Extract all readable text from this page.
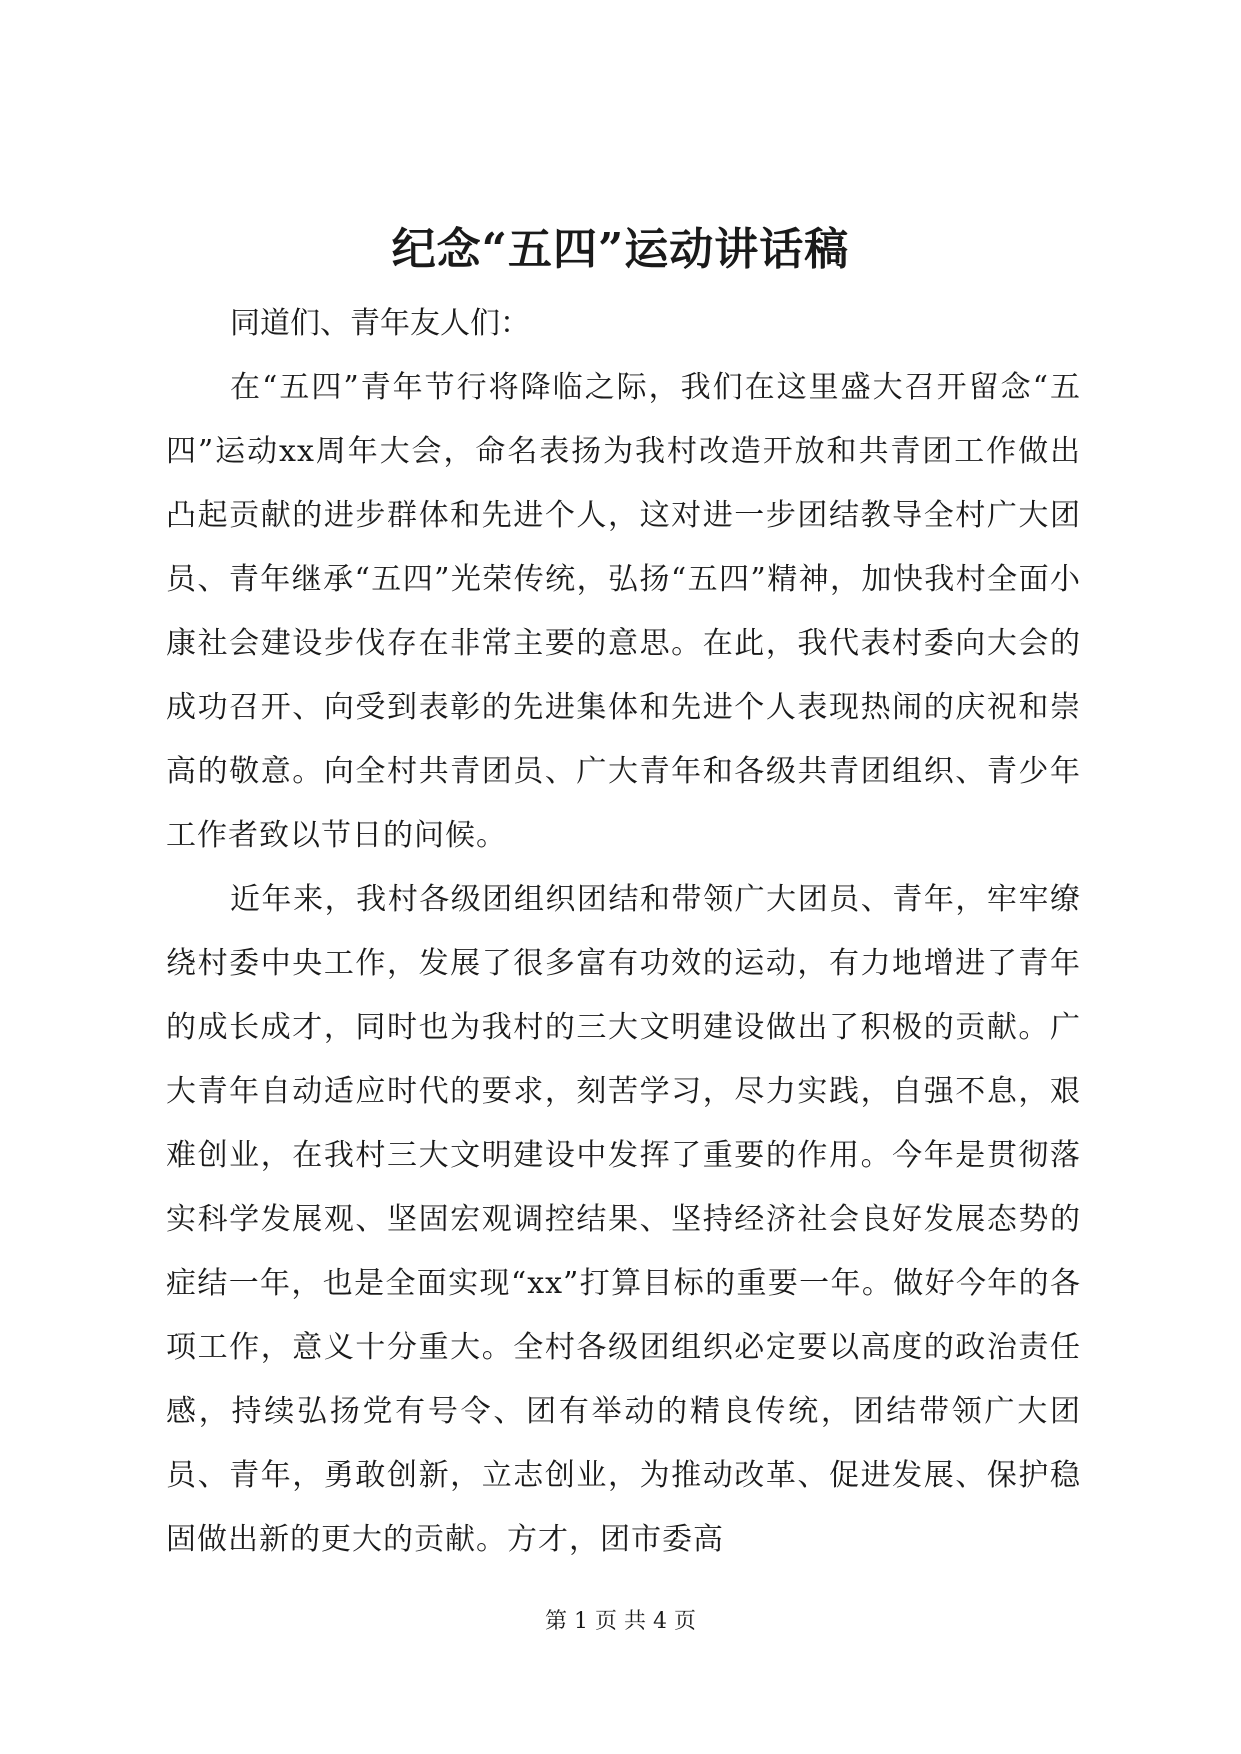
纪念“五四”运动讲话稿
同道们、青年友人们：

在“五四”青年节行将降临之际，我们在这里盛大召开留念“五四”运动xx周年大会，命名表扬为我村改造开放和共青团工作做出凸起贡献的进步群体和先进个人，这对进一步团结教导全村广大团员、青年继承“五四”光荣传统，弘扬“五四”精神，加快我村全面小康社会建设步伐存在非常主要的意思。在此，我代表村委向大会的成功召开、向受到表彰的先进集体和先进个人表现热闹的庆祝和崇高的敬意。向全村共青团员、广大青年和各级共青团组织、青少年工作者致以节日的问候。

近年来，我村各级团组织团结和带领广大团员、青年，牢牢缭绕村委中央工作，发展了很多富有功效的运动，有力地增进了青年的成长成才，同时也为我村的三大文明建设做出了积极的贡献。广大青年自动适应时代的要求，刻苦学习，尽力实践，自强不息，艰难创业，在我村三大文明建设中发挥了重要的作用。今年是贯彻落实科学发展观、坚固宏观调控结果、坚持经济社会良好发展态势的症结一年，也是全面实现“xx”打算目标的重要一年。做好今年的各项工作，意义十分重大。全村各级团组织必定要以高度的政治责任感，持续弘扬党有号令、团有举动的精良传统，团结带领广大团员、青年，勇敢创新，立志创业，为推动改革、促进发展、保护稳固做出新的更大的贡献。方才，团市委高

第 1 页 共 4 页
